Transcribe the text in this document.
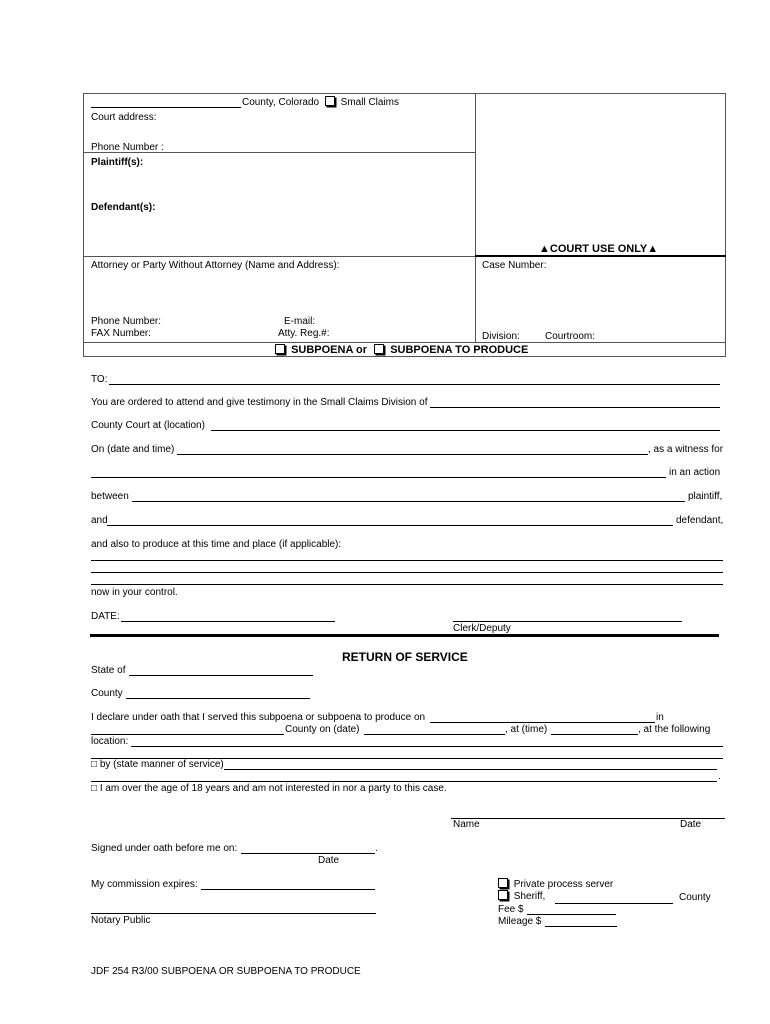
County, Colorado Small Claims
Court address:
Phone Number :
Plaintiff(s):
Defendant(s):
▲COURT USE ONLY▲
Attorney or Party Without Attorney (Name and Address):	Case Number:
Phone Number:	E-mail:
FAX Number:	Atty. Reg.#:	Division:	Courtroom:
SUBPOENA or SUBPOENA TO PRODUCE
TO:
You are ordered to attend and give testimony in the Small Claims Division of
County Court at (location)
On (date and time)	, as a witness for
in an action
between	plaintiff,
and	defendant,
and also to produce at this time and place (if applicable):
now in your control.
DATE:
Clerk/Deputy
RETURN OF SERVICE
State of
County
I declare under oath that I served this subpoena or subpoena to produce on	in
County on (date)	, at (time)	, at the following
location:
□ by (state manner of service)
.
□ I am over the age of 18 years and am not interested in nor a party to this case.
Name	Date
Signed under oath before me on:	.
Date
My commission expires:
Notary Public
Private process server
Sheriff,	County
Fee $
Mileage $
JDF 254 R3/00 SUBPOENA OR SUBPOENA TO PRODUCE
